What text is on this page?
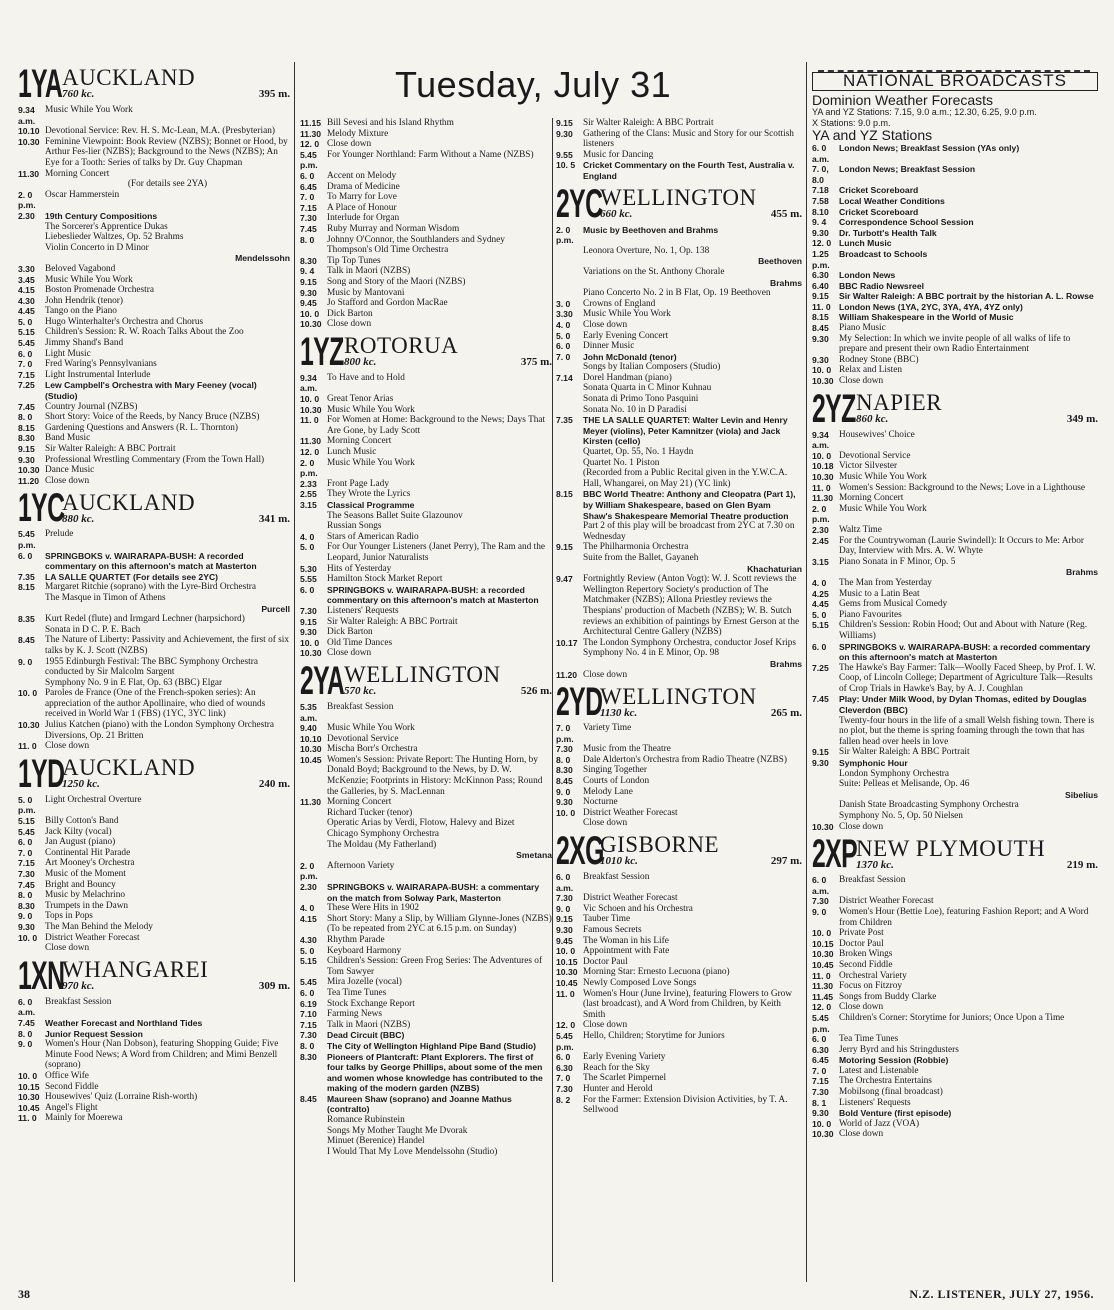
Tuesday, July 31
1YA AUCKLAND
760 kc.	395 m.
9.34 a.m.
Music While You Work
10.10 Devotional Service: Rev. H. S. Mc-Lean, M.A. (Presbyterian)
10.30 Feminine Viewpoint: Book Review (NZBS); Bonnet or Hood, by Arthur Fes-lier (NZBS); Background to the News (NZBS); An Eye for a Tooth: Series of talks by Dr. Guy Chapman
11.30 Morning Concert
(For details see 2YA)
2. 0 p.m.
Oscar Hammerstein
2.30	19th Century Compositions
The Sorcerer's Apprentice Dukas
Liebeslieder Waltzes, Op. 52 Brahms
Violin Concerto in D Minor
Mendelssohn
3.30	Beloved Vagabond
3.45	Music While You Work
4.15	Boston Promenade Orchestra
4.30	John Hendrik (tenor)
4.45	Tango on the Piano
5. 0	Hugo Winterhalter's Orchestra and Chorus
5.15	Children's Session: R. W. Roach Talks About the Zoo
5.45	Jimmy Shand's Band
6. 0	Light Music
7. 0	Fred Waring's Pennsylvanians
7.15	Light Instrumental Interlude
7.25	Lew Campbell's Orchestra with Mary Feeney (vocal) (Studio)
7.45	Country Journal (NZBS)
8. 0	Short Story: Voice of the Reeds, by Nancy Bruce (NZBS)
8.15	Gardening Questions and Answers (R. L. Thornton)
8.30	Band Music
9.15	Sir Walter Raleigh: A BBC Portrait
9.30	Professional Wrestling Commentary (From the Town Hall)
10.30 Dance Music
11.20 Close down
1YC
AUCKLAND
880 kc.	341 m.
5.45 p.m.
Prelude
6. 0	SPRINGBOKS v. WAIRARAPA-BUSH: A recorded commentary on this afternoon's match at Masterton
7.35	LA SALLE QUARTET (For details see 2YC)
8.15	Margaret Ritchie (soprano) with the Lyre-Bird Orchestra
The Masque in Timon of Athens
Purcell
8.35	Kurt Redel (flute) and Irmgard Lechner (harpsichord)
Sonata in D C. P. E. Bach
8.45	The Nature of Liberty: Passivity and Achievement, the first of six talks by K. J. Scott (NZBS)
9. 0	1955 Edinburgh Festival: The BBC Symphony Orchestra conducted by Sir Malcolm Sargent
Symphony No. 9 in E Flat, Op. 63 (BBC) Elgar
10. 0 Paroles de France (One of the French-spoken series): An appreciation of the author Apollinaire, who died of wounds received in World War 1 (FBS) (1YC, 3YC link)
10.30 Julius Katchen (piano) with the London Symphony Orchestra
Diversions, Op. 21 Britten
11. 0 Close down
1YD
AUCKLAND
1250 kc.	240 m.
5. 0 p.m.
Light Orchestral Overture
5.15	Billy Cotton's Band
5.45	Jack Kilty (vocal)
6. 0	Jan August (piano)
7. 0	Continental Hit Parade
7.15	Art Mooney's Orchestra
7.30	Music of the Moment
7.45	Bright and Bouncy
8. 0	Music by Melachrino
8.30	Trumpets in the Dawn
9. 0	Tops in Pops
9.30	The Man Behind the Melody
10. 0 District Weather Forecast
Close down
1XN
WHANGAREI
970 kc.	309 m.
6. 0 a.m.
Breakfast Session
7.45	Weather Forecast and Northland Tides
8. 0	Junior Request Session
9. 0	Women's Hour (Nan Dobson), featuring Shopping Guide; Five Minute Food News; A Word from Children; and Mimi Benzell (soprano)
10. 0 Office Wife
10.15 Second Fiddle
10.30 Housewives' Quiz (Lorraine Rish-worth)
10.45 Angel's Flight
11. 0 Mainly for Moerewa
11.15 Bill Sevesi and his Island Rhythm
11.30 Melody Mixture
12. 0 Close down
5.45 p.m.
For Younger Northland: Farm Without a Name (NZBS)
6. 0	Accent on Melody
6.45	Drama of Medicine
7. 0	To Marry for Love
7.15	A Place of Honour
7.30	Interlude for Organ
7.45	Ruby Murray and Norman Wisdom
8. 0	Johnny O'Connor, the Southlanders and Sydney Thompson's Old Time Orchestra
8.30	Tip Top Tunes
9. 4	Talk in Maori (NZBS)
9.15	Song and Story of the Maori (NZBS)
9.30	Music by Mantovani
9.45	Jo Stafford and Gordon MacRae
10. 0 Dick Barton
10.30 Close down
1YZ ROTORUA
800 kc.	375 m.
9.34 a.m.
To Have and to Hold
10. 0 Great Tenor Arias
10.30 Music While You Work
11. 0 For Women at Home: Background to the News; Days That Are Gone, by Lady Scott
11.30 Morning Concert
12. 0 Lunch Music
2. 0 p.m.
Music While You Work
2.33	Front Page Lady
2.55	They Wrote the Lyrics
3.15	Classical Programme
The Seasons Ballet Suite Glazounov
Russian Songs
4. 0	Stars of American Radio
5. 0	For Our Younger Listeners (Janet Perry), The Ram and the Leopard, Junior Naturalists
5.30	Hits of Yesterday
5.55	Hamilton Stock Market Report
6. 0	SPRINGBOKS v. WAIRARAPA-BUSH: a recorded commentary on this afternoon's match at Masterton
7.30	Listeners' Requests
9.15	Sir Walter Raleigh: A BBC Portrait
9.30	Dick Barton
10. 0 Old Time Dances
10.30 Close down
2YA WELLINGTON
570 kc.	526 m.
5.35 a.m.
Breakfast Session
9.40	Music While You Work
10.10 Devotional Service
10.30 Mischa Borr's Orchestra
10.45 Women's Session: Private Report: The Hunting Horn, by Donald Boyd; Background to the News, by D. W. McKenzie; Footprints in History: McKinnon Pass; Round the Galleries, by S. MacLennan
11.30 Morning Concert
Richard Tucker (tenor)
Operatic Arias by Verdi, Flotow, Halevy and Bizet
Chicago Symphony Orchestra
The Moldau (My Fatherland)
Smetana
2. 0 p.m.
Afternoon Variety
2.30	SPRINGBOKS v. WAIRARAPA-BUSH: a commentary on the match from Solway Park, Masterton
4. 0	These Were Hits in 1902
4.15	Short Story: Many a Slip, by William Glynne-Jones (NZBS) (To be repeated from 2YC at 6.15 p.m. on Sunday)
4.30	Rhythm Parade
5. 0	Keyboard Harmony
5.15	Children's Session: Green Frog Series: The Adventures of Tom Sawyer
5.45	Mira Jozelle (vocal)
6. 0	Tea Time Tunes
6.19	Stock Exchange Report
7.10	Farming News
7.15	Talk in Maori (NZBS)
7.30	Dead Circuit (BBC)
8. 0	The City of Wellington Highland Pipe Band (Studio)
8.30	Pioneers of Plantcraft: Plant Explorers. The first of four talks by George Phillips, about some of the men and women whose knowledge has contributed to the making of the modern garden (NZBS)
8.45	Maureen Shaw (soprano) and Joanne Mathus (contralto)
Romance Rubinstein
Songs My Mother Taught Me Dvorak
Minuet (Berenice) Handel
I Would That My Love Mendelssohn (Studio)
9.15	Sir Walter Raleigh: A BBC Portrait
9.30	Gathering of the Clans: Music and Story for our Scottish listeners
9.55	Music for Dancing
10. 5 Cricket Commentary on the Fourth Test, Australia v. England
2YC
WELLINGTON
660 kc.	455 m.
2. 0 p.m.
Music by Beethoven and Brahms
Leonora Overture, No. 1, Op. 138
Beethoven
Variations on the St. Anthony Chorale
Brahms
Piano Concerto No. 2 in B Flat, Op. 19 Beethoven
3. 0	Crowns of England
3.30	Music While You Work
4. 0	Close down
5. 0	Early Evening Concert
6. 0	Dinner Music
7. 0	John McDonald (tenor)
Songs by Italian Composers (Studio)
7.14	Dorel Handman (piano)
Sonata Quarta in C Minor Kuhnau
Sonata di Primo Tono Pasquini
Sonata No. 10 in D Paradisi
7.35	THE LA SALLE QUARTET: Walter Levin and Henry Meyer (violins), Peter Kamnitzer (viola) and Jack Kirsten (cello)
Quartet, Op. 55, No. 1 Haydn
Quartet No. 1 Piston
(Recorded from a Public Recital given in the Y.W.C.A. Hall, Whangarei, on May 21) (YC link)
8.15	BBC World Theatre: Anthony and Cleopatra (Part 1), by William Shakespeare, based on Glen Byam Shaw's Shakespeare Memorial Theatre production
Part 2 of this play will be broadcast from 2YC at 7.30 on Wednesday
9.15	The Philharmonia Orchestra
Suite from the Ballet, Gayaneh
Khachaturian
9.47	Fortnightly Review (Anton Vogt): W. J. Scott reviews the Wellington Repertory Society's production of The Matchmaker (NZBS); Allona Priestley reviews the Thespians' production of Macbeth (NZBS); W. B. Sutch reviews an exhibition of paintings by Ernest Gerson at the Architectural Centre Gallery (NZBS)
10.17 The London Symphony Orchestra, conductor Josef Krips
Symphony No. 4 in E Minor, Op. 98
Brahms
11.20 Close down
2YD
WELLINGTON
1130 kc.	265 m.
7. 0 p.m.
Variety Time
7.30	Music from the Theatre
8. 0	Dale Alderton's Orchestra from Radio Theatre (NZBS)
8.30	Singing Together
8.45	Courts of London
9. 0	Melody Lane
9.30	Nocturne
10. 0 District Weather Forecast
Close down
2XG
GISBORNE
1010 kc.	297 m.
6. 0 a.m.
Breakfast Session
7.30	District Weather Forecast
9. 0	Vic Schoen and his Orchestra
9.15	Tauber Time
9.30	Famous Secrets
9.45	The Woman in his Life
10. 0 Appointment with Fate
10.15 Doctor Paul
10.30 Morning Star: Ernesto Lecuona (piano)
10.45 Newly Composed Love Songs
11. 0 Women's Hour (June Irvine), featuring Flowers to Grow (last broadcast), and A Word from Children, by Keith Smith
12. 0 Close down
5.45 p.m.
Hello, Children; Storytime for Juniors
6. 0	Early Evening Variety
6.30	Reach for the Sky
7. 0	The Scarlet Pimpernel
7.30	Hunter and Herold
8. 2	For the Farmer: Extension Division Activities, by T. A. Sellwood
NATIONAL BROADCASTS
Dominion Weather Forecasts
YA and YZ Stations: 7.15, 9.0 a.m.; 12.30, 6.25, 9.0 p.m.
X Stations: 9.0 p.m.
YA and YZ Stations
6. 0 a.m.
London News; Breakfast Session (YAs only)
7. 0, 8.0
London News; Breakfast Session
7.18	Cricket Scoreboard
7.58	Local Weather Conditions
8.10	Cricket Scoreboard
9. 4	Correspondence School Session
9.30	Dr. Turbott's Health Talk
12. 0 Lunch Music
1.25 p.m.
Broadcast to Schools
6.30	London News
6.40	BBC Radio Newsreel
9.15	Sir Walter Raleigh: A BBC portrait by the historian A. L. Rowse
11. 0 London News (1YA, 2YC, 3YA, 4YA, 4YZ only)
8.15	William Shakespeare in the World of Music
8.45	Piano Music
9.30	My Selection: In which we invite people of all walks of life to prepare and present their own Radio Entertainment
9.30	Rodney Stone (BBC)
10. 0 Relax and Listen
10.30 Close down
2YZ NAPIER
860 kc.	349 m.
9.34 a.m.
Housewives' Choice
10. 0 Devotional Service
10.18 Victor Silvester
10.30 Music While You Work
11. 0 Women's Session: Background to the News; Love in a Lighthouse
11.30 Morning Concert
2. 0 p.m.
Music While You Work
2.30	Waltz Time
2.45	For the Countrywoman (Laurie Swindell): It Occurs to Me: Arbor Day, Interview with Mrs. A. W. Whyte
3.15	Piano Sonata in F Minor, Op. 5
Brahms
4. 0	The Man from Yesterday
4.25	Music to a Latin Beat
4.45	Gems from Musical Comedy
5. 0	Piano Favourites
5.15	Children's Session: Robin Hood; Out and About with Nature (Reg. Williams)
6. 0	SPRINGBOKS v. WAIRARAPA-BUSH: a recorded commentary on this afternoon's match at Masterton
7.25	The Hawke's Bay Farmer: Talk—Woolly Faced Sheep, by Prof. I. W. Coop, of Lincoln College; Department of Agriculture Talk—Results of Crop Trials in Hawke's Bay, by A. J. Coughlan
7.45	Play: Under Milk Wood, by Dylan Thomas, edited by Douglas Cleverdon (BBC)
Twenty-four hours in the life of a small Welsh fishing town. There is no plot, but the theme is spring foaming through the town that has fallen head over heels in love
9.15	Sir Walter Raleigh: A BBC Portrait
9.30	Symphonic Hour
London Symphony Orchestra
Suite: Pelleas et Melisande, Op. 46
Sibelius
Danish State Broadcasting Symphony Orchestra
Symphony No. 5, Op. 50 Nielsen
10.30 Close down
2XP
NEW PLYMOUTH
1370 kc.	219 m.
6. 0 a.m.
Breakfast Session
7.30	District Weather Forecast
9. 0	Women's Hour (Bettie Loe), featuring Fashion Report; and A Word from Children
10. 0 Private Post
10.15 Doctor Paul
10.30 Broken Wings
10.45 Second Fiddle
11. 0 Orchestral Variety
11.30 Focus on Fitzroy
11.45 Songs from Buddy Clarke
12. 0 Close down
5.45 p.m.
Children's Corner: Storytime for Juniors; Once Upon a Time
6. 0	Tea Time Tunes
6.30	Jerry Byrd and his Stringdusters
6.45	Motoring Session (Robbie)
7. 0	Latest and Listenable
7.15	The Orchestra Entertains
7.30	Mobilsong (final broadcast)
8. 1	Listeners' Requests
9.30	Bold Venture (first episode)
10. 0 World of Jazz (VOA)
10.30 Close down
38	N.Z. LISTENER, JULY 27, 1956.
